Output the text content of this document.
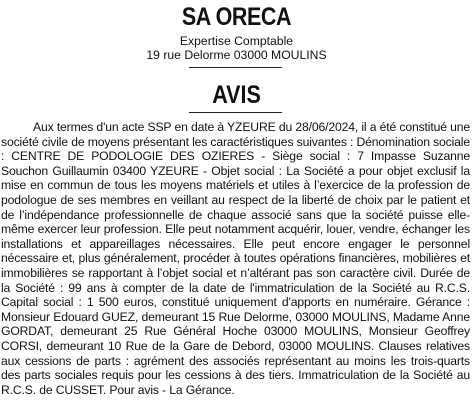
SA ORECA
Expertise Comptable
19 rue Delorme 03000 MOULINS
AVIS

Aux termes d'un acte SSP en date à YZEURE du 28/06/2024, il a été constitué une société civile de moyens présentant les caractéristiques suivantes : Dénomination sociale : CENTRE DE PODOLOGIE DES OZIERES - Siège social : 7 Impasse Suzanne Souchon Guillaumin 03400 YZEURE - Objet social : La Société a pour objet exclusif la mise en commun de tous les moyens matériels et utiles à l’exercice de la profession de podologue de ses membres en veillant au respect de la liberté de choix par le patient et de l’indépendance professionnelle de chaque associé sans que la société puisse elle-même exercer leur profession. Elle peut notamment acquérir, louer, vendre, échanger les installations et appareillages nécessaires. Elle peut encore engager le personnel nécessaire et, plus généralement, procéder à toutes opérations financières, mobilières et immobilières se rapportant à l’objet social et n’altérant pas son caractère civil. Durée de la Société : 99 ans à compter de la date de l'immatriculation de la Société au R.C.S. Capital social : 1 500 euros, constitué uniquement d'apports en numéraire. Gérance : Monsieur Edouard GUEZ, demeurant 15 Rue Delorme, 03000 MOULINS, Madame Anne GORDAT, demeurant 25 Rue Général Hoche 03000 MOULINS, Monsieur Geoffrey CORSI, demeurant 10 Rue de la Gare de Debord, 03000 MOULINS. Clauses relatives aux cessions de parts : agrément des associés représentant au moins les trois-quarts des parts sociales requis pour les cessions à des tiers. Immatriculation de la Société au R.C.S. de CUSSET. Pour avis - La Gérance.
